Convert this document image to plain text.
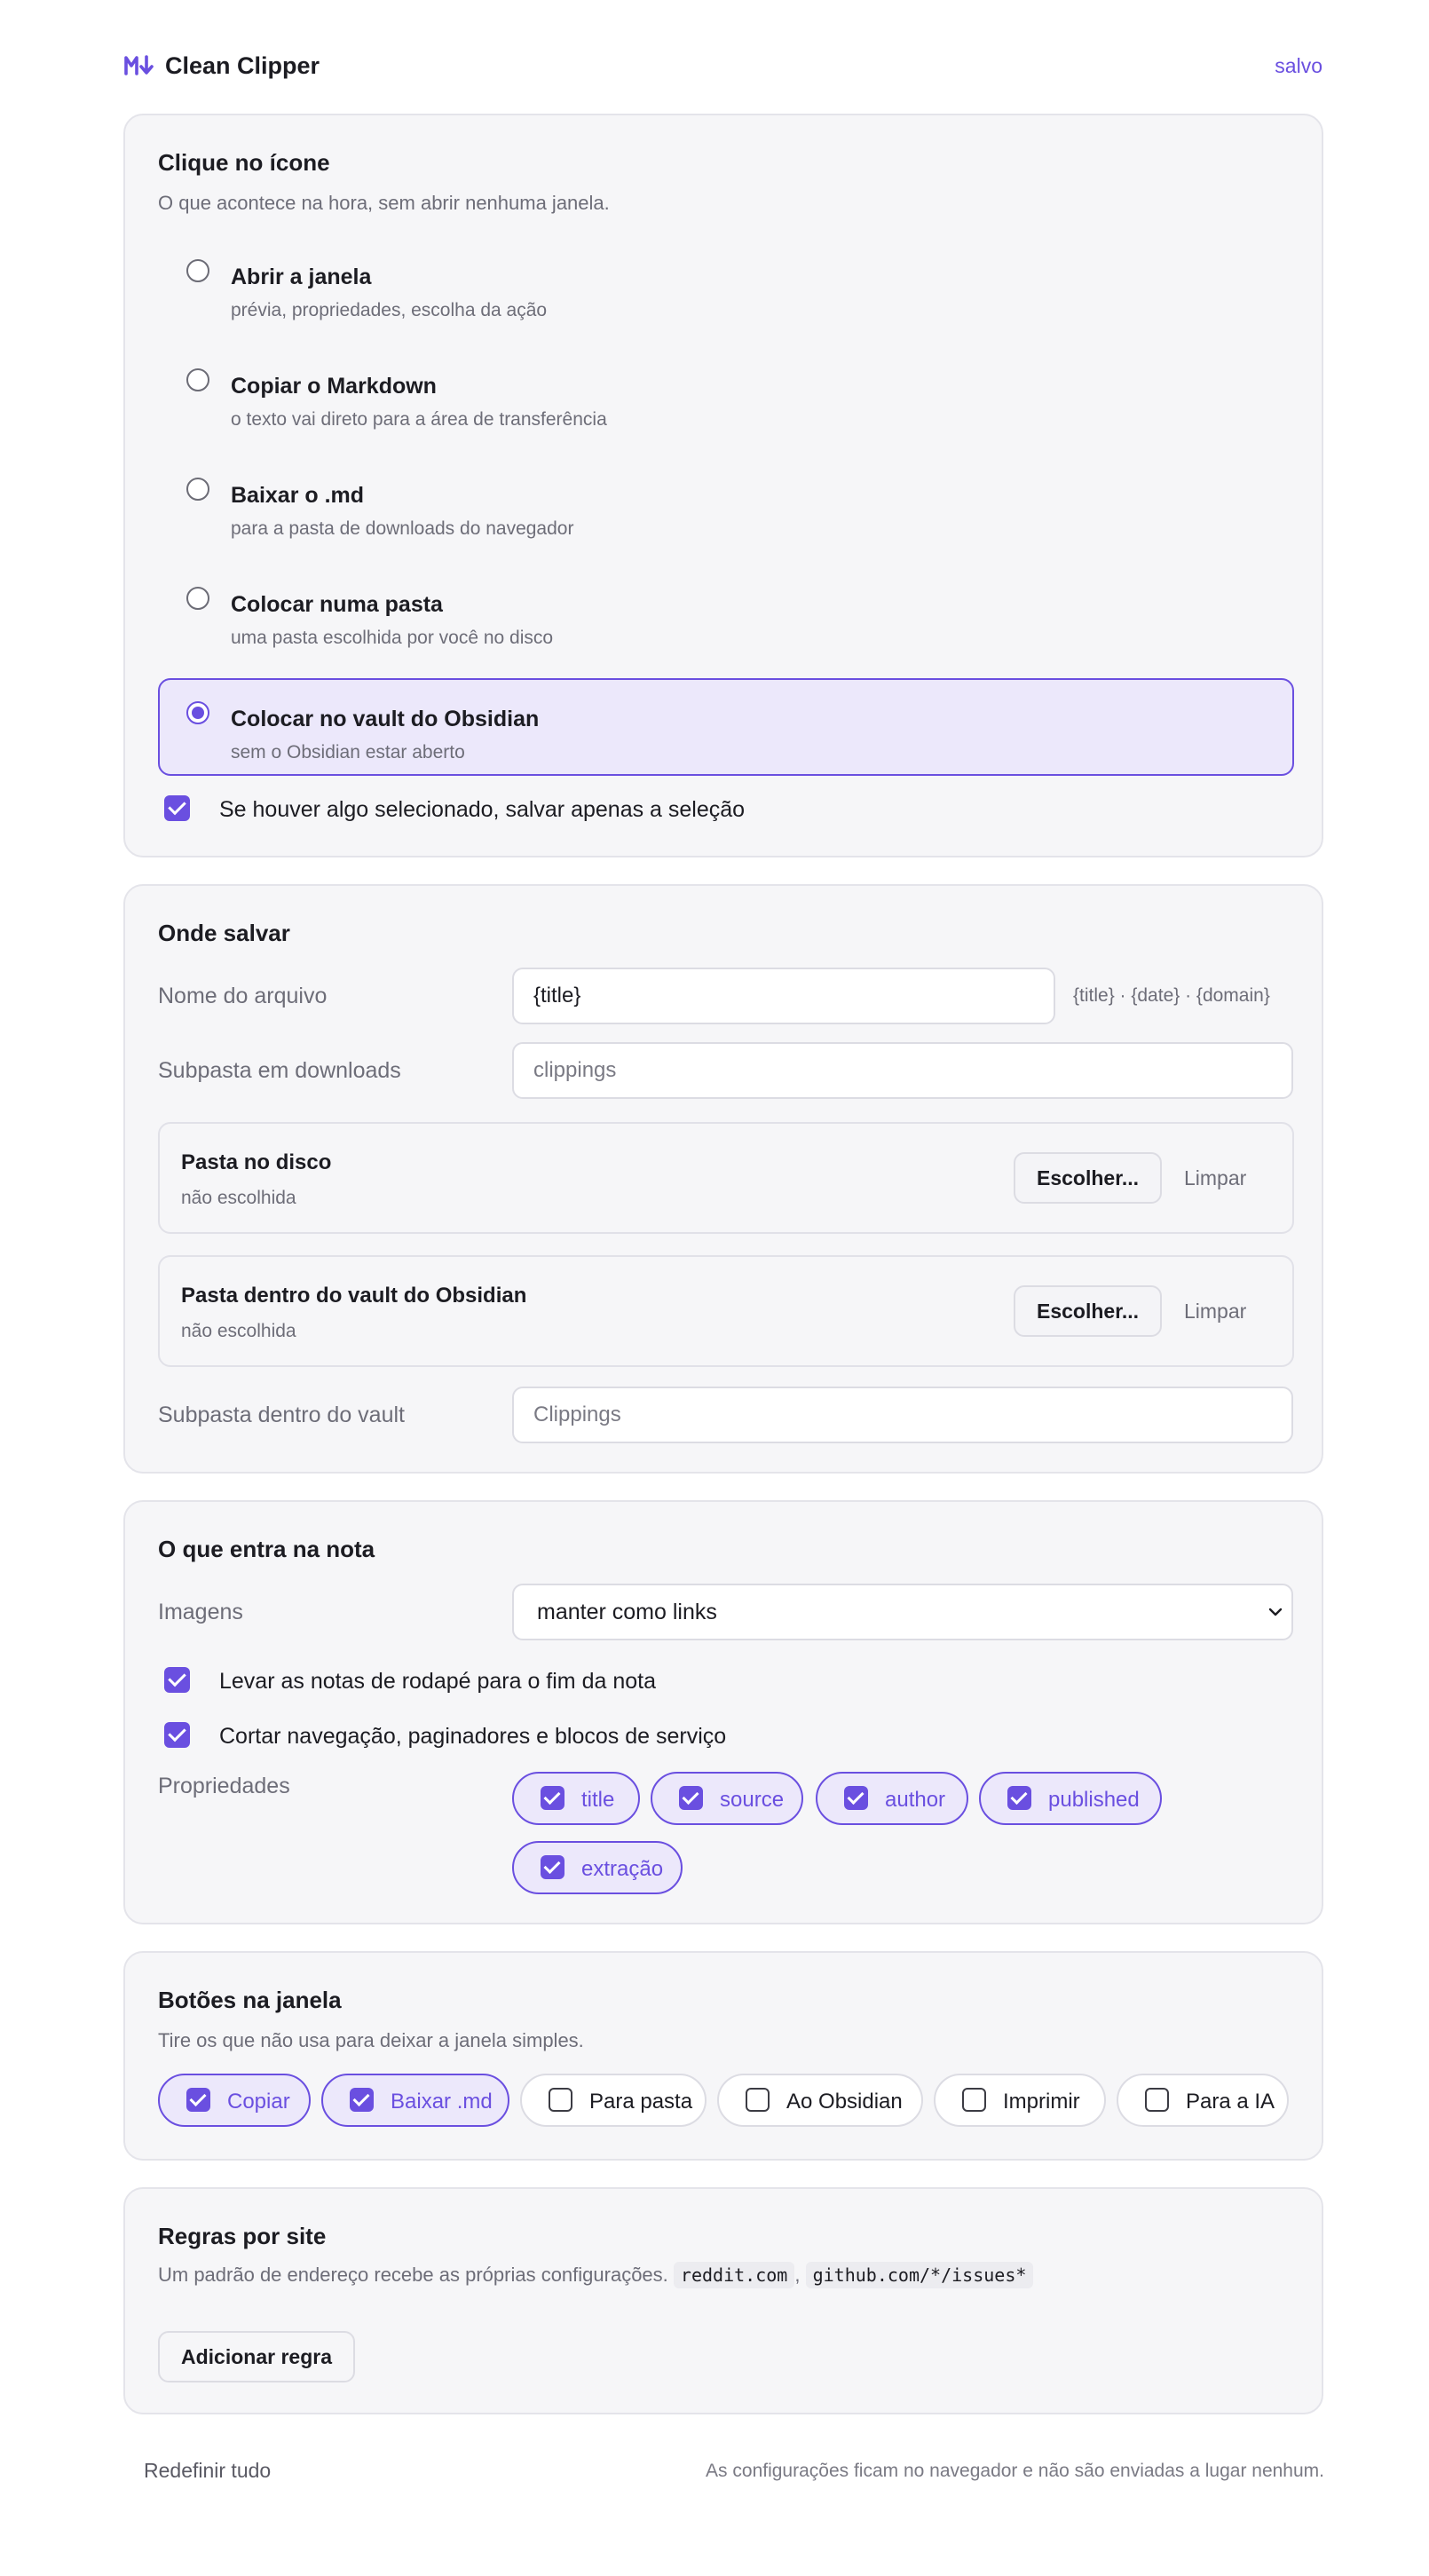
Clean Clipper	salvo
Clique no ícone
O que acontece na hora, sem abrir nenhuma janela.
Abrir a janela
prévia, propriedades, escolha da ação
Copiar o Markdown
o texto vai direto para a área de transferência
Baixar o .md
para a pasta de downloads do navegador
Colocar numa pasta
uma pasta escolhida por você no disco
Colocar no vault do Obsidian
sem o Obsidian estar aberto
Se houver algo selecionado, salvar apenas a seleção
Onde salvar
Nome do arquivo	{title}	{title} · {date} · {domain}
Subpasta em downloads	clippings
Pasta no disco
não escolhida
Escolher...	Limpar
Pasta dentro do vault do Obsidian
não escolhida
Escolher...	Limpar
Subpasta dentro do vault	Clippings
O que entra na nota
Imagens	manter como links
Levar as notas de rodapé para o fim da nota
Cortar navegação, paginadores e blocos de serviço
Propriedades
title	source	author	published
extração
Botões na janela
Tire os que não usa para deixar a janela simples.
Copiar	Baixar .md	Para pasta	Ao Obsidian	Imprimir	Para a IA
Regras por site
Um padrão de endereço recebe as próprias configurações. reddit.com , github.com/*/issues*
Adicionar regra
Redefinir tudo	As configurações ficam no navegador e não são enviadas a lugar nenhum.
